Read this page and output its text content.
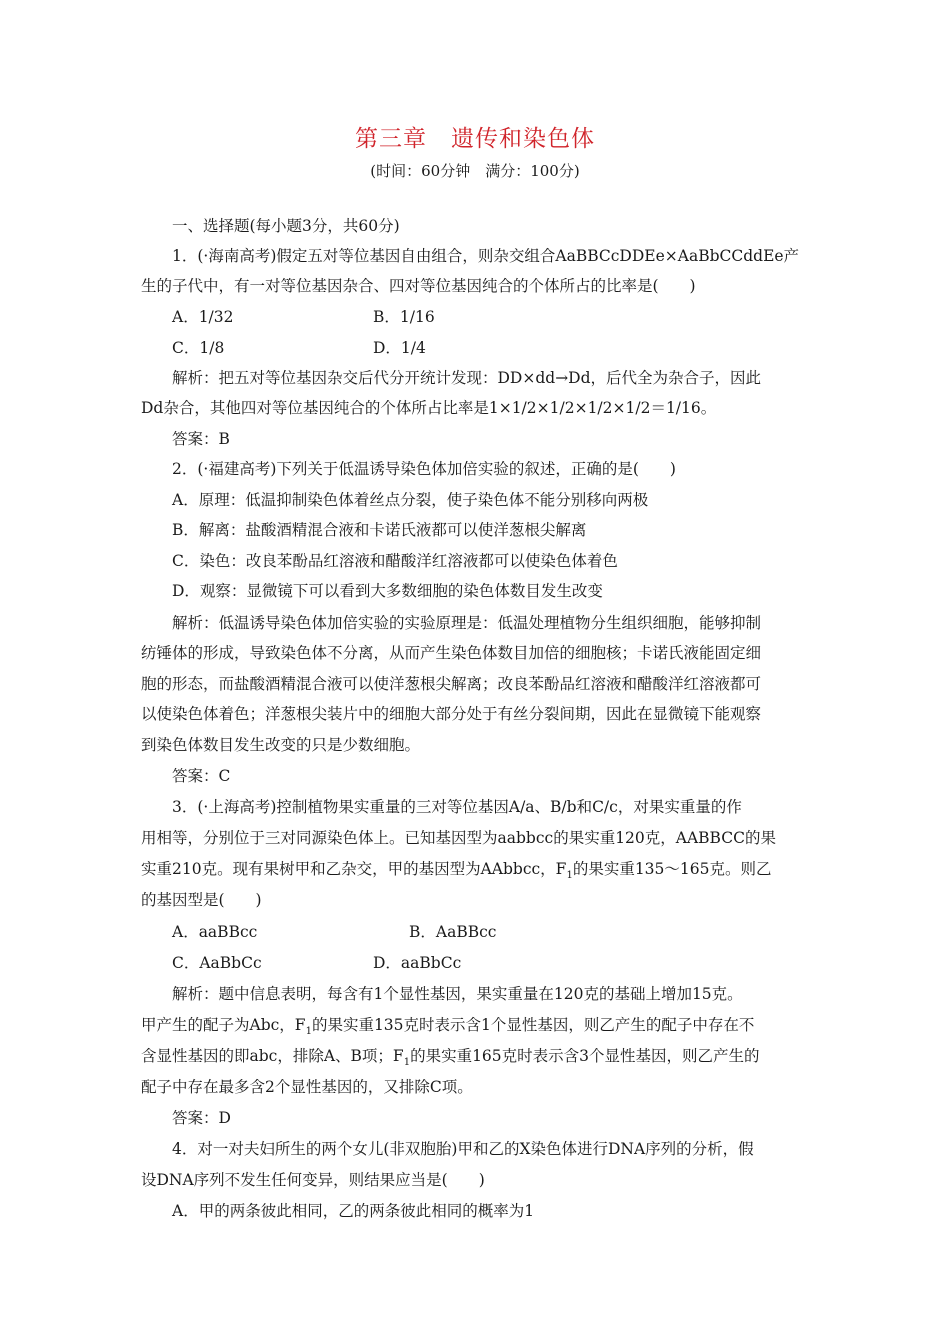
第三章　遗传和染色体
(时间：60分钟　满分：100分)
一、选择题(每小题3分，共60分)
1．(·海南高考)假定五对等位基因自由组合，则杂交组合AaBBCcDDEe×AaBbCCddEe产
生的子代中，有一对等位基因杂合、四对等位基因纯合的个体所占的比率是(　　)
A．1/32	B．1/16
C．1/8	D．1/4
解析：把五对等位基因杂交后代分开统计发现：DD×dd→Dd，后代全为杂合子，因此
Dd杂合，其他四对等位基因纯合的个体所占比率是1×1/2×1/2×1/2×1/2＝1/16。
答案：B
2．(·福建高考)下列关于低温诱导染色体加倍实验的叙述，正确的是(　　)
A．原理：低温抑制染色体着丝点分裂，使子染色体不能分别移向两极
B．解离：盐酸酒精混合液和卡诺氏液都可以使洋葱根尖解离
C．染色：改良苯酚品红溶液和醋酸洋红溶液都可以使染色体着色
D．观察：显微镜下可以看到大多数细胞的染色体数目发生改变
解析：低温诱导染色体加倍实验的实验原理是：低温处理植物分生组织细胞，能够抑制
纺锤体的形成，导致染色体不分离，从而产生染色体数目加倍的细胞核；卡诺氏液能固定细
胞的形态，而盐酸酒精混合液可以使洋葱根尖解离；改良苯酚品红溶液和醋酸洋红溶液都可
以使染色体着色；洋葱根尖装片中的细胞大部分处于有丝分裂间期，因此在显微镜下能观察
到染色体数目发生改变的只是少数细胞。
答案：C
3．(·上海高考)控制植物果实重量的三对等位基因A/a、B/b和C/c，对果实重量的作
用相等，分别位于三对同源染色体上。已知基因型为aabbcc的果实重120克，AABBCC的果
实重210克。现有果树甲和乙杂交，甲的基因型为AAbbcc，$F_1$的果实重135～165克。则乙
的基因型是(　　)
A．aaBBcc	B．AaBBcc
C．AaBbCc	D．aaBbCc
解析：题中信息表明，每含有1个显性基因，果实重量在120克的基础上增加15克。
甲产生的配子为Abc，$F_1$的果实重135克时表示含1个显性基因，则乙产生的配子中存在不
含显性基因的即abc，排除A、B项；$F_1$的果实重165克时表示含3个显性基因，则乙产生的
配子中存在最多含2个显性基因的，又排除C项。
答案：D
4．对一对夫妇所生的两个女儿(非双胞胎)甲和乙的X染色体进行DNA序列的分析，假
设DNA序列不发生任何变异，则结果应当是(　　)
A．甲的两条彼此相同，乙的两条彼此相同的概率为1
